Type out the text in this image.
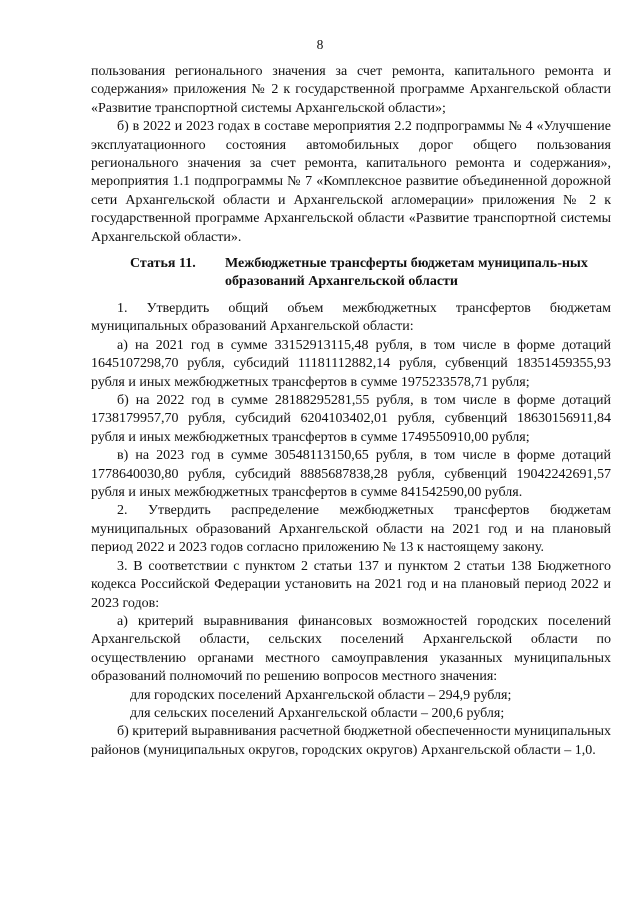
8

пользования регионального значения за счет ремонта, капитального ремонта и содержания» приложения № 2 к государственной программе Архангельской области «Развитие транспортной системы Архангельской области»;

б) в 2022 и 2023 годах в составе мероприятия 2.2 подпрограммы № 4 «Улучшение эксплуатационного состояния автомобильных дорог общего пользования регионального значения за счет ремонта, капитального ремонта и содержания», мероприятия 1.1 подпрограммы № 7 «Комплексное развитие объединенной дорожной сети Архангельской области и Архангельской агломерации» приложения № 2 к государственной программе Архангельской области «Развитие транспортной системы Архангельской области».

Статья 11. Межбюджетные трансферты бюджетам муниципаль-ных образований Архангельской области

1. Утвердить общий объем межбюджетных трансфертов бюджетам муниципальных образований Архангельской области:

а) на 2021 год в сумме 33152913115,48 рубля, в том числе в форме дотаций 1645107298,70 рубля, субсидий 11181112882,14 рубля, субвенций 18351459355,93 рубля и иных межбюджетных трансфертов в сумме 1975233578,71 рубля;

б) на 2022 год в сумме 28188295281,55 рубля, в том числе в форме дотаций 1738179957,70 рубля, субсидий 6204103402,01 рубля, субвенций 18630156911,84 рубля и иных межбюджетных трансфертов в сумме 1749550910,00 рубля;

в) на 2023 год в сумме 30548113150,65 рубля, в том числе в форме дотаций 1778640030,80 рубля, субсидий 8885687838,28 рубля, субвенций 19042242691,57 рубля и иных межбюджетных трансфертов в сумме 841542590,00 рубля.

2. Утвердить распределение межбюджетных трансфертов бюджетам муниципальных образований Архангельской области на 2021 год и на плановый период 2022 и 2023 годов согласно приложению № 13 к настоящему закону.

3. В соответствии с пунктом 2 статьи 137 и пунктом 2 статьи 138 Бюджетного кодекса Российской Федерации установить на 2021 год и на плановый период 2022 и 2023 годов:

а) критерий выравнивания финансовых возможностей городских поселений Архангельской области, сельских поселений Архангельской области по осуществлению органами местного самоуправления указанных муниципальных образований полномочий по решению вопросов местного значения:

для городских поселений Архангельской области – 294,9 рубля;

для сельских поселений Архангельской области – 200,6 рубля;

б) критерий выравнивания расчетной бюджетной обеспеченности муниципальных районов (муниципальных округов, городских округов) Архангельской области – 1,0.
